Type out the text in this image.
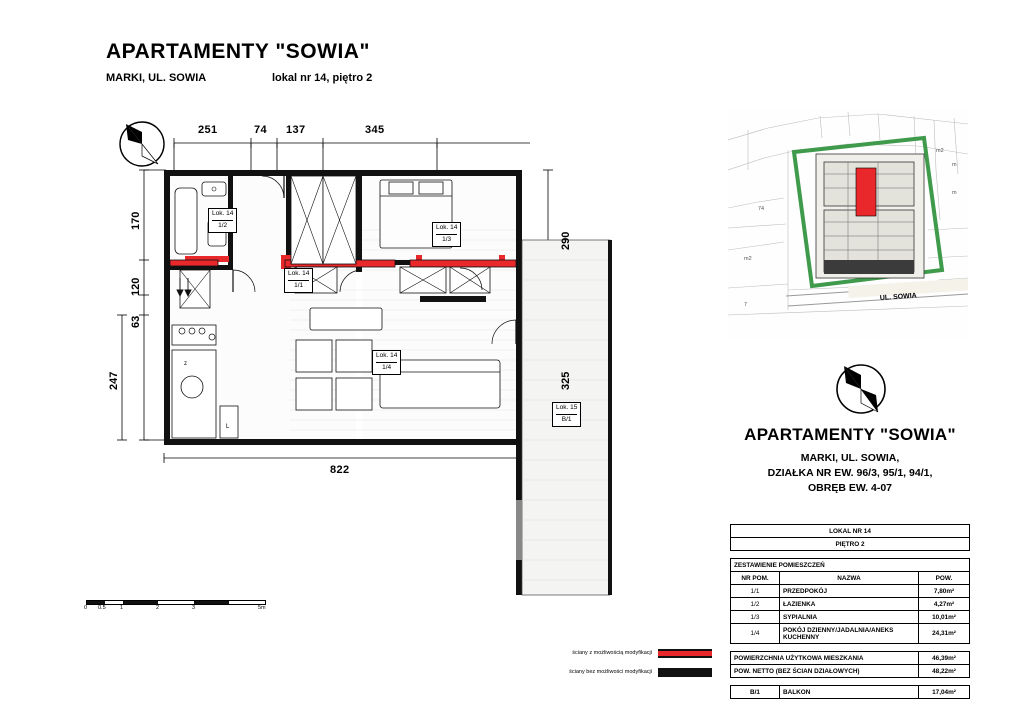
APARTAMENTY "SOWIA"
MARKI, UL. SOWIA	lokal nr 14, piętro 2
z
L
251	74 137	345
170
120
63
247
290
325
822
Lok. 14
1/2	Lok. 14
1/3
Lok. 14
1/1
Lok. 14
1/4
Lok. 15
B/1
0 0.5	1	2	3	5m
ściany z możliwością modyfikacji
ściany bez możliwości modyfikacji
UL. SOWIA
m2
7
m
m
m2
74
APARTAMENTY "SOWIA"
MARKI, UL. SOWIA,
DZIAŁKA NR EW. 96/3, 95/1, 94/1,
OBRĘB EW. 4-07
LOKAL NR 14
PIĘTRO 2
ZESTAWIENIE POMIESZCZEŃ		
NR POM.	NAZWA	POW.
1/1	PRZEDPOKÓJ	7,80m²
1/2	ŁAZIENKA	4,27m²
1/3	SYPIALNIA	10,01m²
1/4	POKÓJ DZIENNY/JADALNIA/ANEKS KUCHENNY	24,31m²
POWIERZCHNIA UŻYTKOWA MIESZKANIA	46,39m²
POW. NETTO (BEZ ŚCIAN DZIAŁOWYCH)	48,22m²
B/1	BALKON	17,04m²
